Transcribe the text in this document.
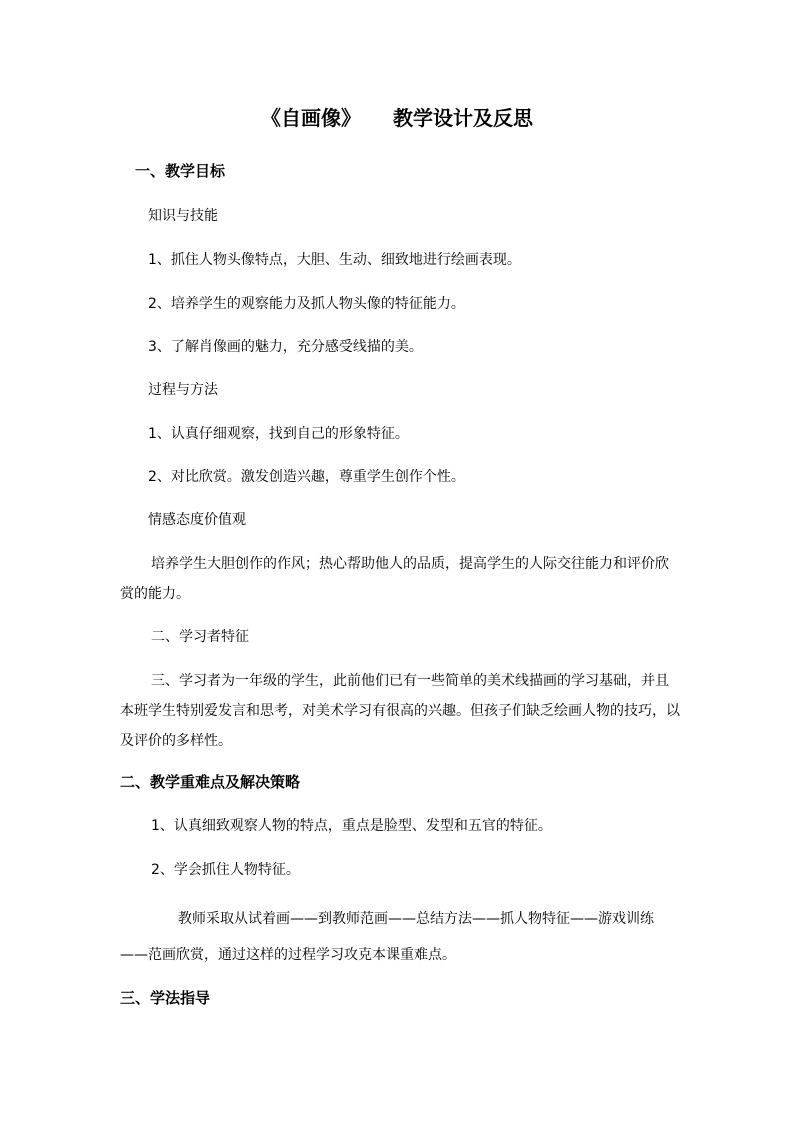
《自画像》 教学设计及反思
一、教学目标
知识与技能
1、抓住人物头像特点，大胆、生动、细致地进行绘画表现。
2、培养学生的观察能力及抓人物头像的特征能力。
3、了解肖像画的魅力，充分感受线描的美。
过程与方法
1、认真仔细观察，找到自己的形象特征。
2、对比欣赏。激发创造兴趣，尊重学生创作个性。
情感态度价值观
培养学生大胆创作的作风；热心帮助他人的品质，提高学生的人际交往能力和评价欣
赏的能力。
二、学习者特征
三、学习者为一年级的学生，此前他们已有一些简单的美术线描画的学习基础，并且
本班学生特别爱发言和思考，对美术学习有很高的兴趣。但孩子们缺乏绘画人物的技巧，以
及评价的多样性。
二、教学重难点及解决策略
1、认真细致观察人物的特点，重点是脸型、发型和五官的特征。
2、学会抓住人物特征。
教师采取从试着画——到教师范画——总结方法——抓人物特征——游戏训练
——范画欣赏，通过这样的过程学习攻克本课重难点。
三、学法指导
